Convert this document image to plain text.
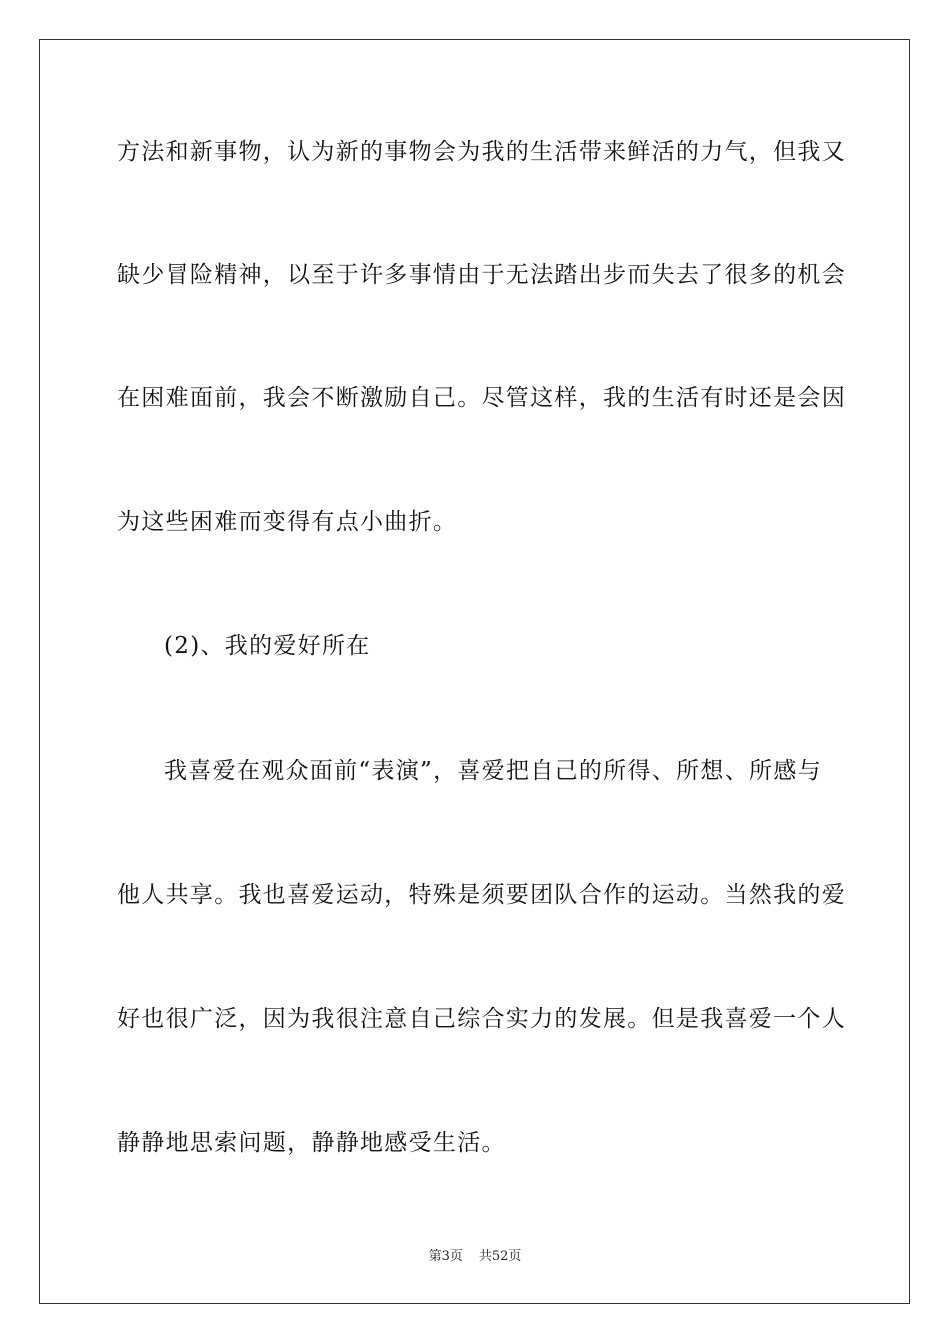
方法和新事物，认为新的事物会为我的生活带来鲜活的力气，但我又
缺少冒险精神，以至于许多事情由于无法踏出步而失去了很多的机会
在困难面前，我会不断激励自己。尽管这样，我的生活有时还是会因
为这些困难而变得有点小曲折。
(2)、我的爱好所在
我喜爱在观众面前“表演”，喜爱把自己的所得、所想、所感与
他人共享。我也喜爱运动，特殊是须要团队合作的运动。当然我的爱
好也很广泛，因为我很注意自己综合实力的发展。但是我喜爱一个人
静静地思索问题，静静地感受生活。
第3页 共52页
